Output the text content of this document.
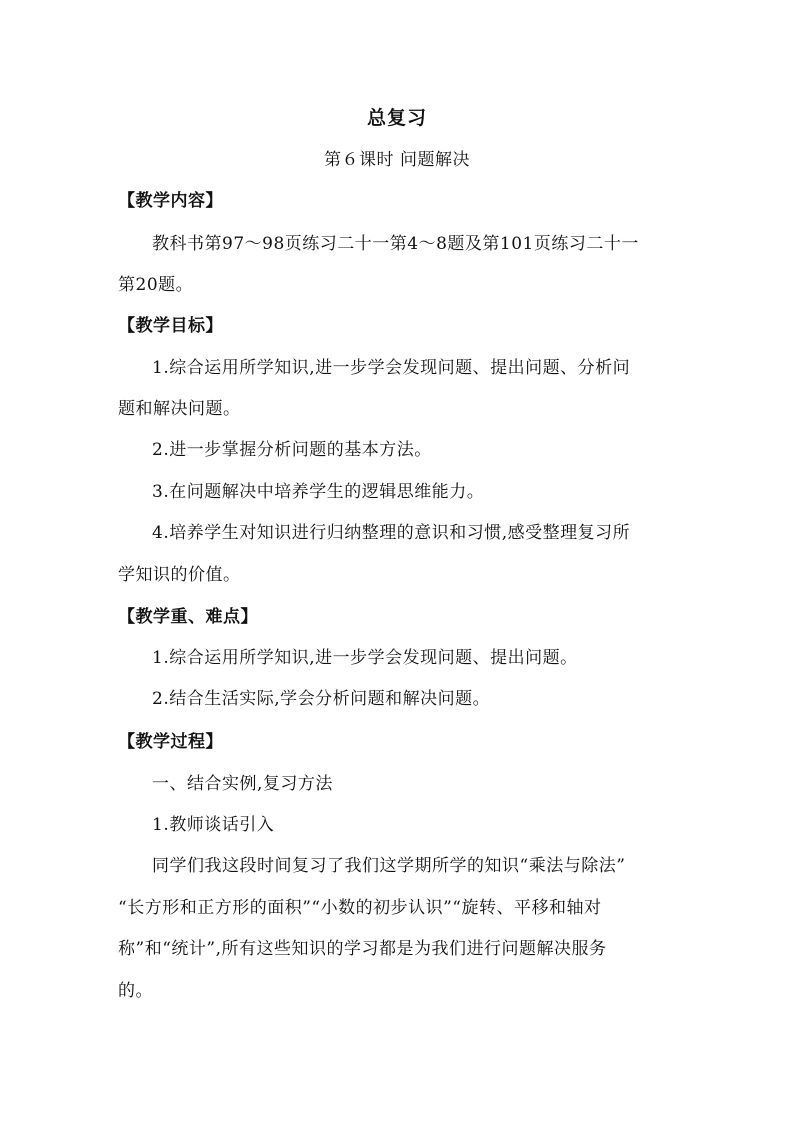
总复习
第６课时 问题解决
【教学内容】
教科书第97～98页练习二十一第4～8题及第101页练习二十一
第20题。
【教学目标】
1.综合运用所学知识,进一步学会发现问题、提出问题、分析问
题和解决问题。
2.进一步掌握分析问题的基本方法。
3.在问题解决中培养学生的逻辑思维能力。
4.培养学生对知识进行归纳整理的意识和习惯,感受整理复习所
学知识的价值。
【教学重、难点】
1.综合运用所学知识,进一步学会发现问题、提出问题。
2.结合生活实际,学会分析问题和解决问题。
【教学过程】
一、结合实例,复习方法
1.教师谈话引入
同学们我这段时间复习了我们这学期所学的知识“乘法与除法”
“长方形和正方形的面积”“小数的初步认识”“旋转、平移和轴对
称”和“统计”,所有这些知识的学习都是为我们进行问题解决服务
的。
